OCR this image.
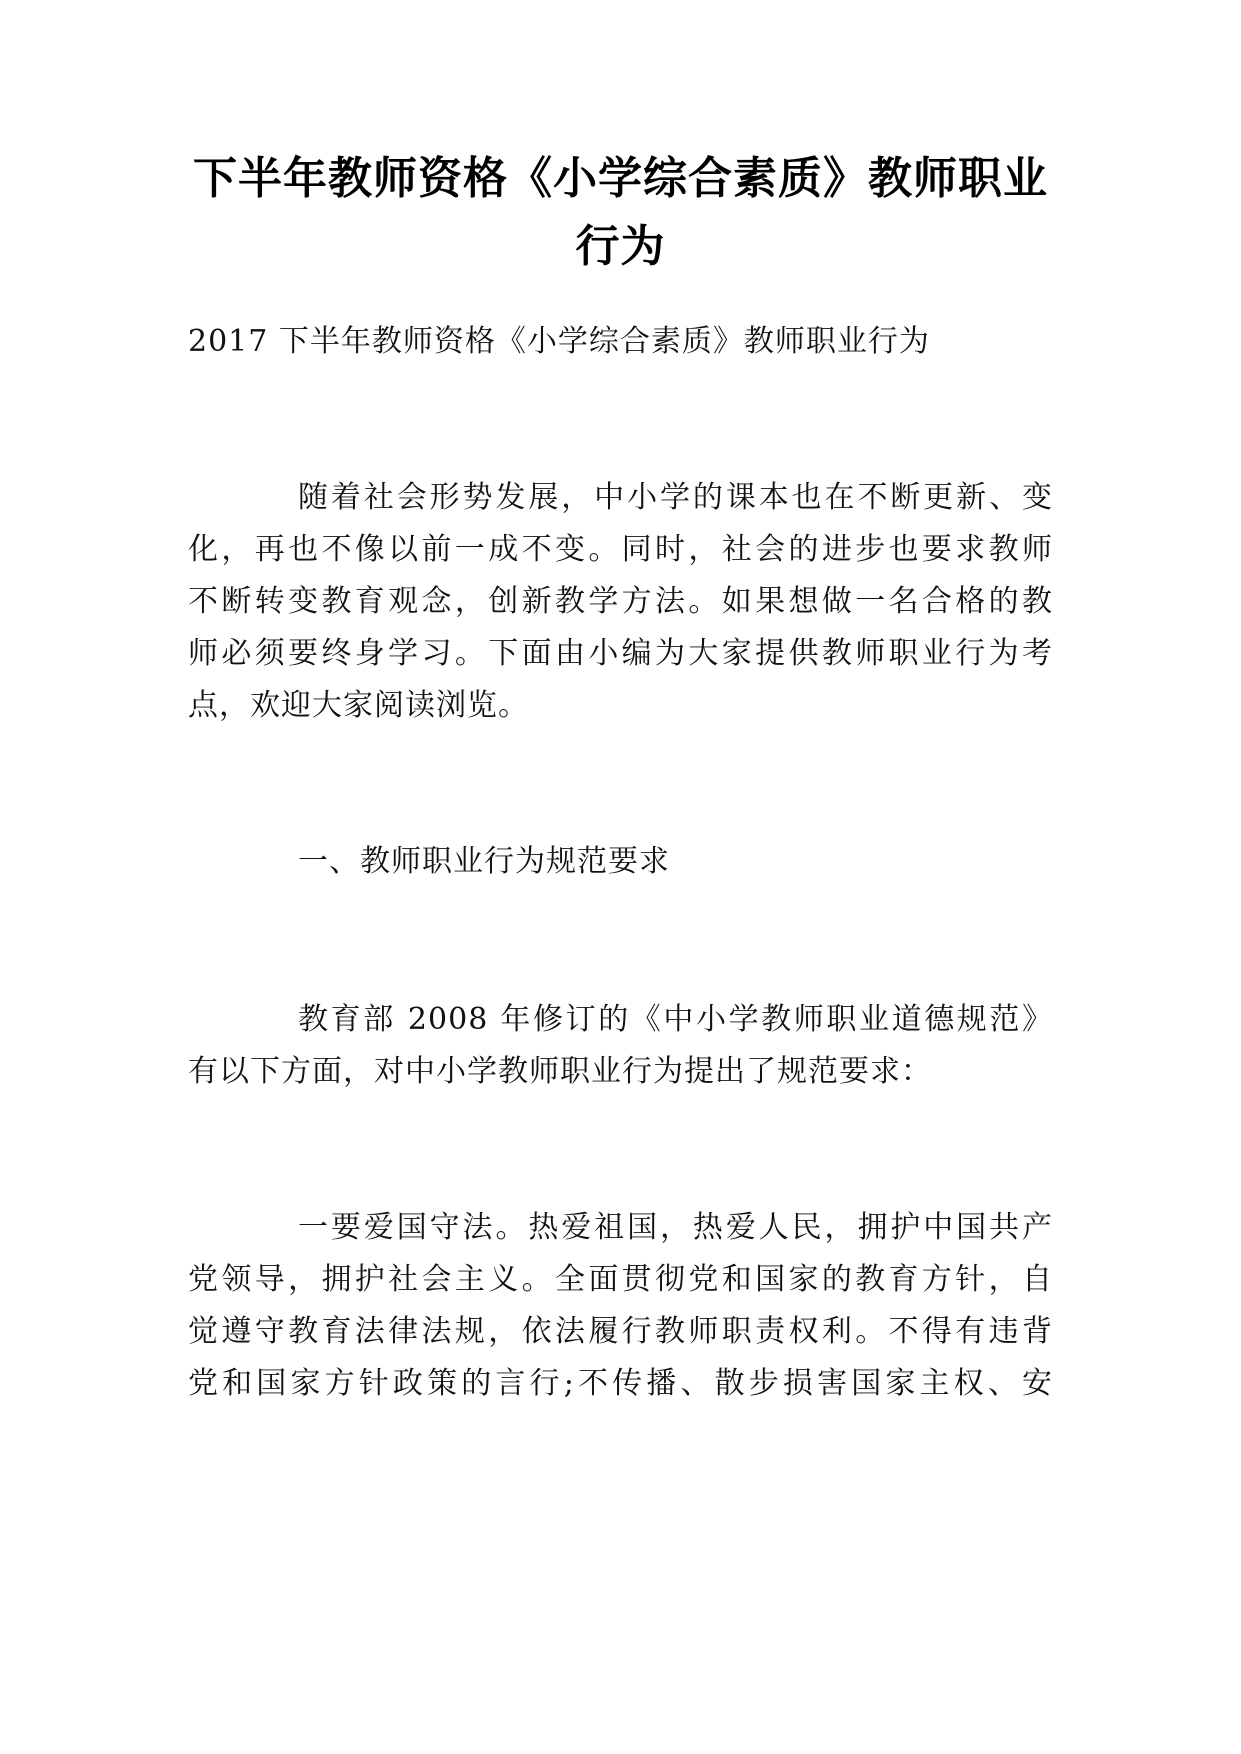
下半年教师资格《小学综合素质》教师职业
行为

2017 下半年教师资格《小学综合素质》教师职业行为

随着社会形势发展，中小学的课本也在不断更新、变

化，再也不像以前一成不变。同时，社会的进步也要求教师

不断转变教育观念，创新教学方法。如果想做一名合格的教

师必须要终身学习。下面由小编为大家提供教师职业行为考

点，欢迎大家阅读浏览。

一、教师职业行为规范要求

教育部 2008 年修订的《中小学教师职业道德规范》

有以下方面，对中小学教师职业行为提出了规范要求：

一要爱国守法。热爱祖国，热爱人民，拥护中国共产

党领导，拥护社会主义。全面贯彻党和国家的教育方针，自

觉遵守教育法律法规，依法履行教师职责权利。不得有违背

党和国家方针政策的言行;不传播、散步损害国家主权、安
